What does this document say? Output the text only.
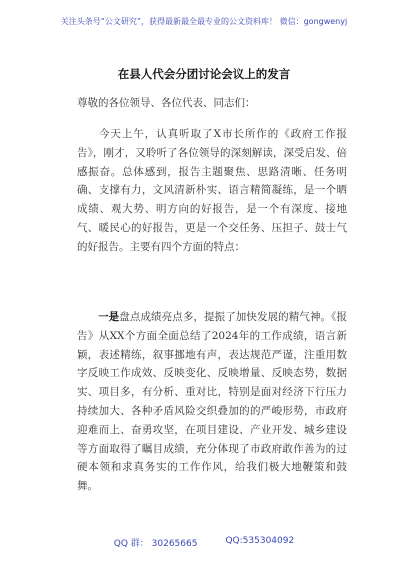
关注头条号“公文研究”，获得最新最全最专业的公文资料库！ 微信：gongwenyj
在县人代会分团讨论会议上的发言
尊敬的各位领导、各位代表、同志们：
今天上午，认真听取了X市长所作的《政府工作报告》，刚才，又聆听了各位领导的深刻解读，深受启发、倍感振奋。总体感到，报告主题聚焦、思路清晰、任务明确、支撑有力，文风清新朴实、语言精简凝练，是一个晒成绩、观大势、明方向的好报告，是一个有深度、接地气、暖民心的好报告，更是一个交任务、压担子、鼓士气的好报告。主要有四个方面的特点：
一是盘点成绩亮点多，提振了加快发展的精气神。《报告》从XX个方面全面总结了2024年的工作成绩，语言新颖，表述精练，叙事挪地有声，表达规范严谨，注重用数字反映工作成效、反映变化、反映增量、反映态势，数据实、项目多，有分析、重对比，特别是面对经济下行压力持续加大、各种矛盾风险交织叠加的的严峻形势，市政府迎难而上、奋勇攻坚，在项目建设、产业开发、城乡建设等方面取得了瞩目成绩，充分体现了市政府敢作善为的过硬本领和求真务实的工作作风，给我们极大地鞭策和鼓舞。
QQ 群： 30265665	QQ:535304092
